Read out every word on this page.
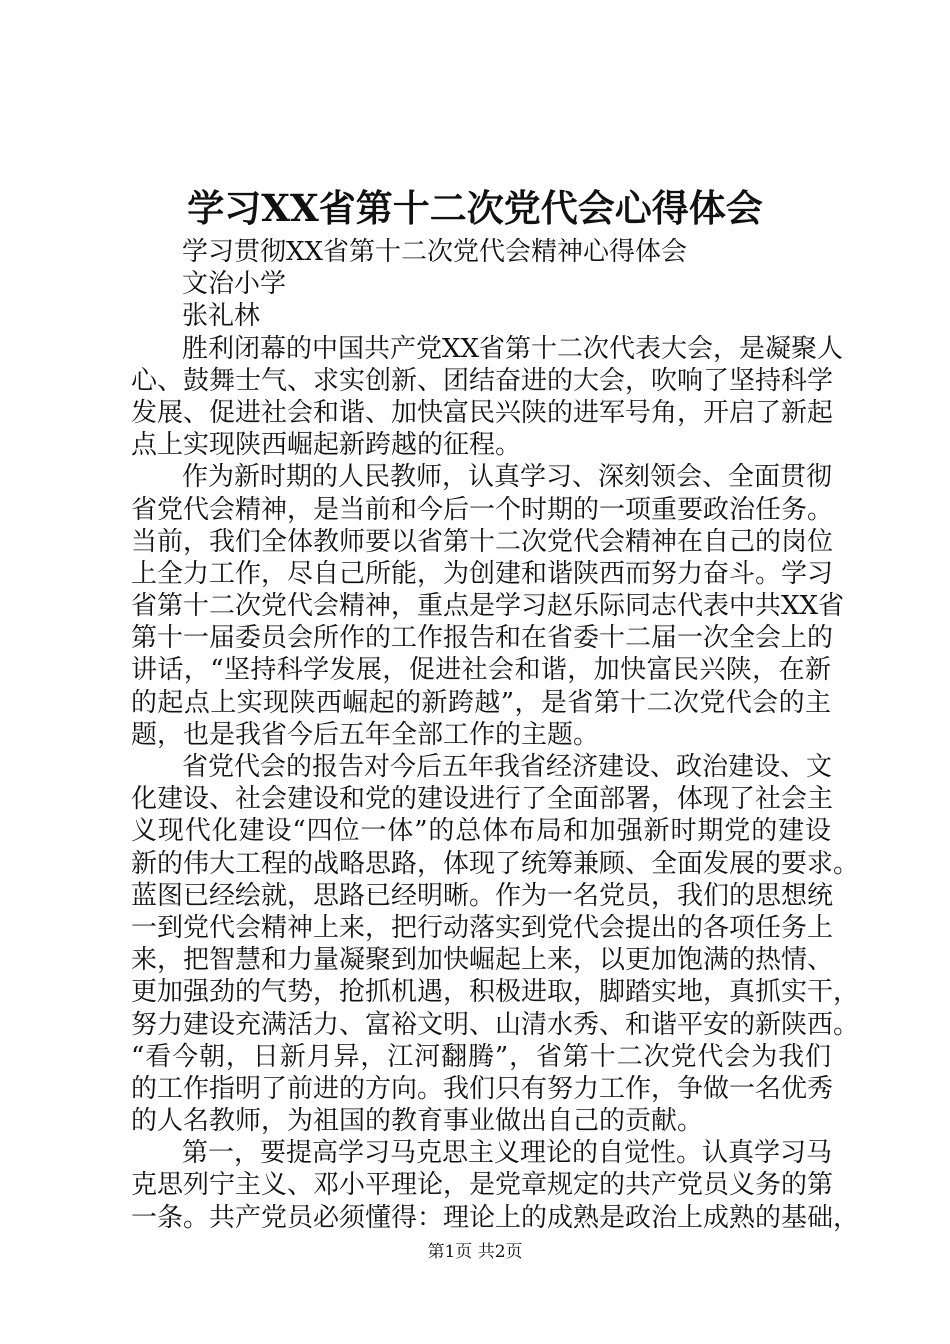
学习XX省第十二次党代会心得体会
学习贯彻XX省第十二次党代会精神心得体会
文治小学
张礼林
胜利闭幕的中国共产党XX省第十二次代表大会，是凝聚人
心、鼓舞士气、求实创新、团结奋进的大会，吹响了坚持科学
发展、促进社会和谐、加快富民兴陕的进军号角，开启了新起
点上实现陕西崛起新跨越的征程。
作为新时期的人民教师，认真学习、深刻领会、全面贯彻
省党代会精神，是当前和今后一个时期的一项重要政治任务。
当前，我们全体教师要以省第十二次党代会精神在自己的岗位
上全力工作，尽自己所能，为创建和谐陕西而努力奋斗。学习
省第十二次党代会精神，重点是学习赵乐际同志代表中共XX省
第十一届委员会所作的工作报告和在省委十二届一次全会上的
讲话，“坚持科学发展，促进社会和谐，加快富民兴陕，在新
的起点上实现陕西崛起的新跨越”，是省第十二次党代会的主
题，也是我省今后五年全部工作的主题。
省党代会的报告对今后五年我省经济建设、政治建设、文
化建设、社会建设和党的建设进行了全面部署，体现了社会主
义现代化建设“四位一体”的总体布局和加强新时期党的建设
新的伟大工程的战略思路，体现了统筹兼顾、全面发展的要求。
蓝图已经绘就，思路已经明晰。作为一名党员，我们的思想统
一到党代会精神上来，把行动落实到党代会提出的各项任务上
来，把智慧和力量凝聚到加快崛起上来，以更加饱满的热情、
更加强劲的气势，抢抓机遇，积极进取，脚踏实地，真抓实干，
努力建设充满活力、富裕文明、山清水秀、和谐平安的新陕西。
“看今朝，日新月异，江河翻腾”，省第十二次党代会为我们
的工作指明了前进的方向。我们只有努力工作，争做一名优秀
的人名教师，为祖国的教育事业做出自己的贡献。
第一，要提高学习马克思主义理论的自觉性。认真学习马
克思列宁主义、邓小平理论，是党章规定的共产党员义务的第
一条。共产党员必须懂得：理论上的成熟是政治上成熟的基础，
第1页 共2页
